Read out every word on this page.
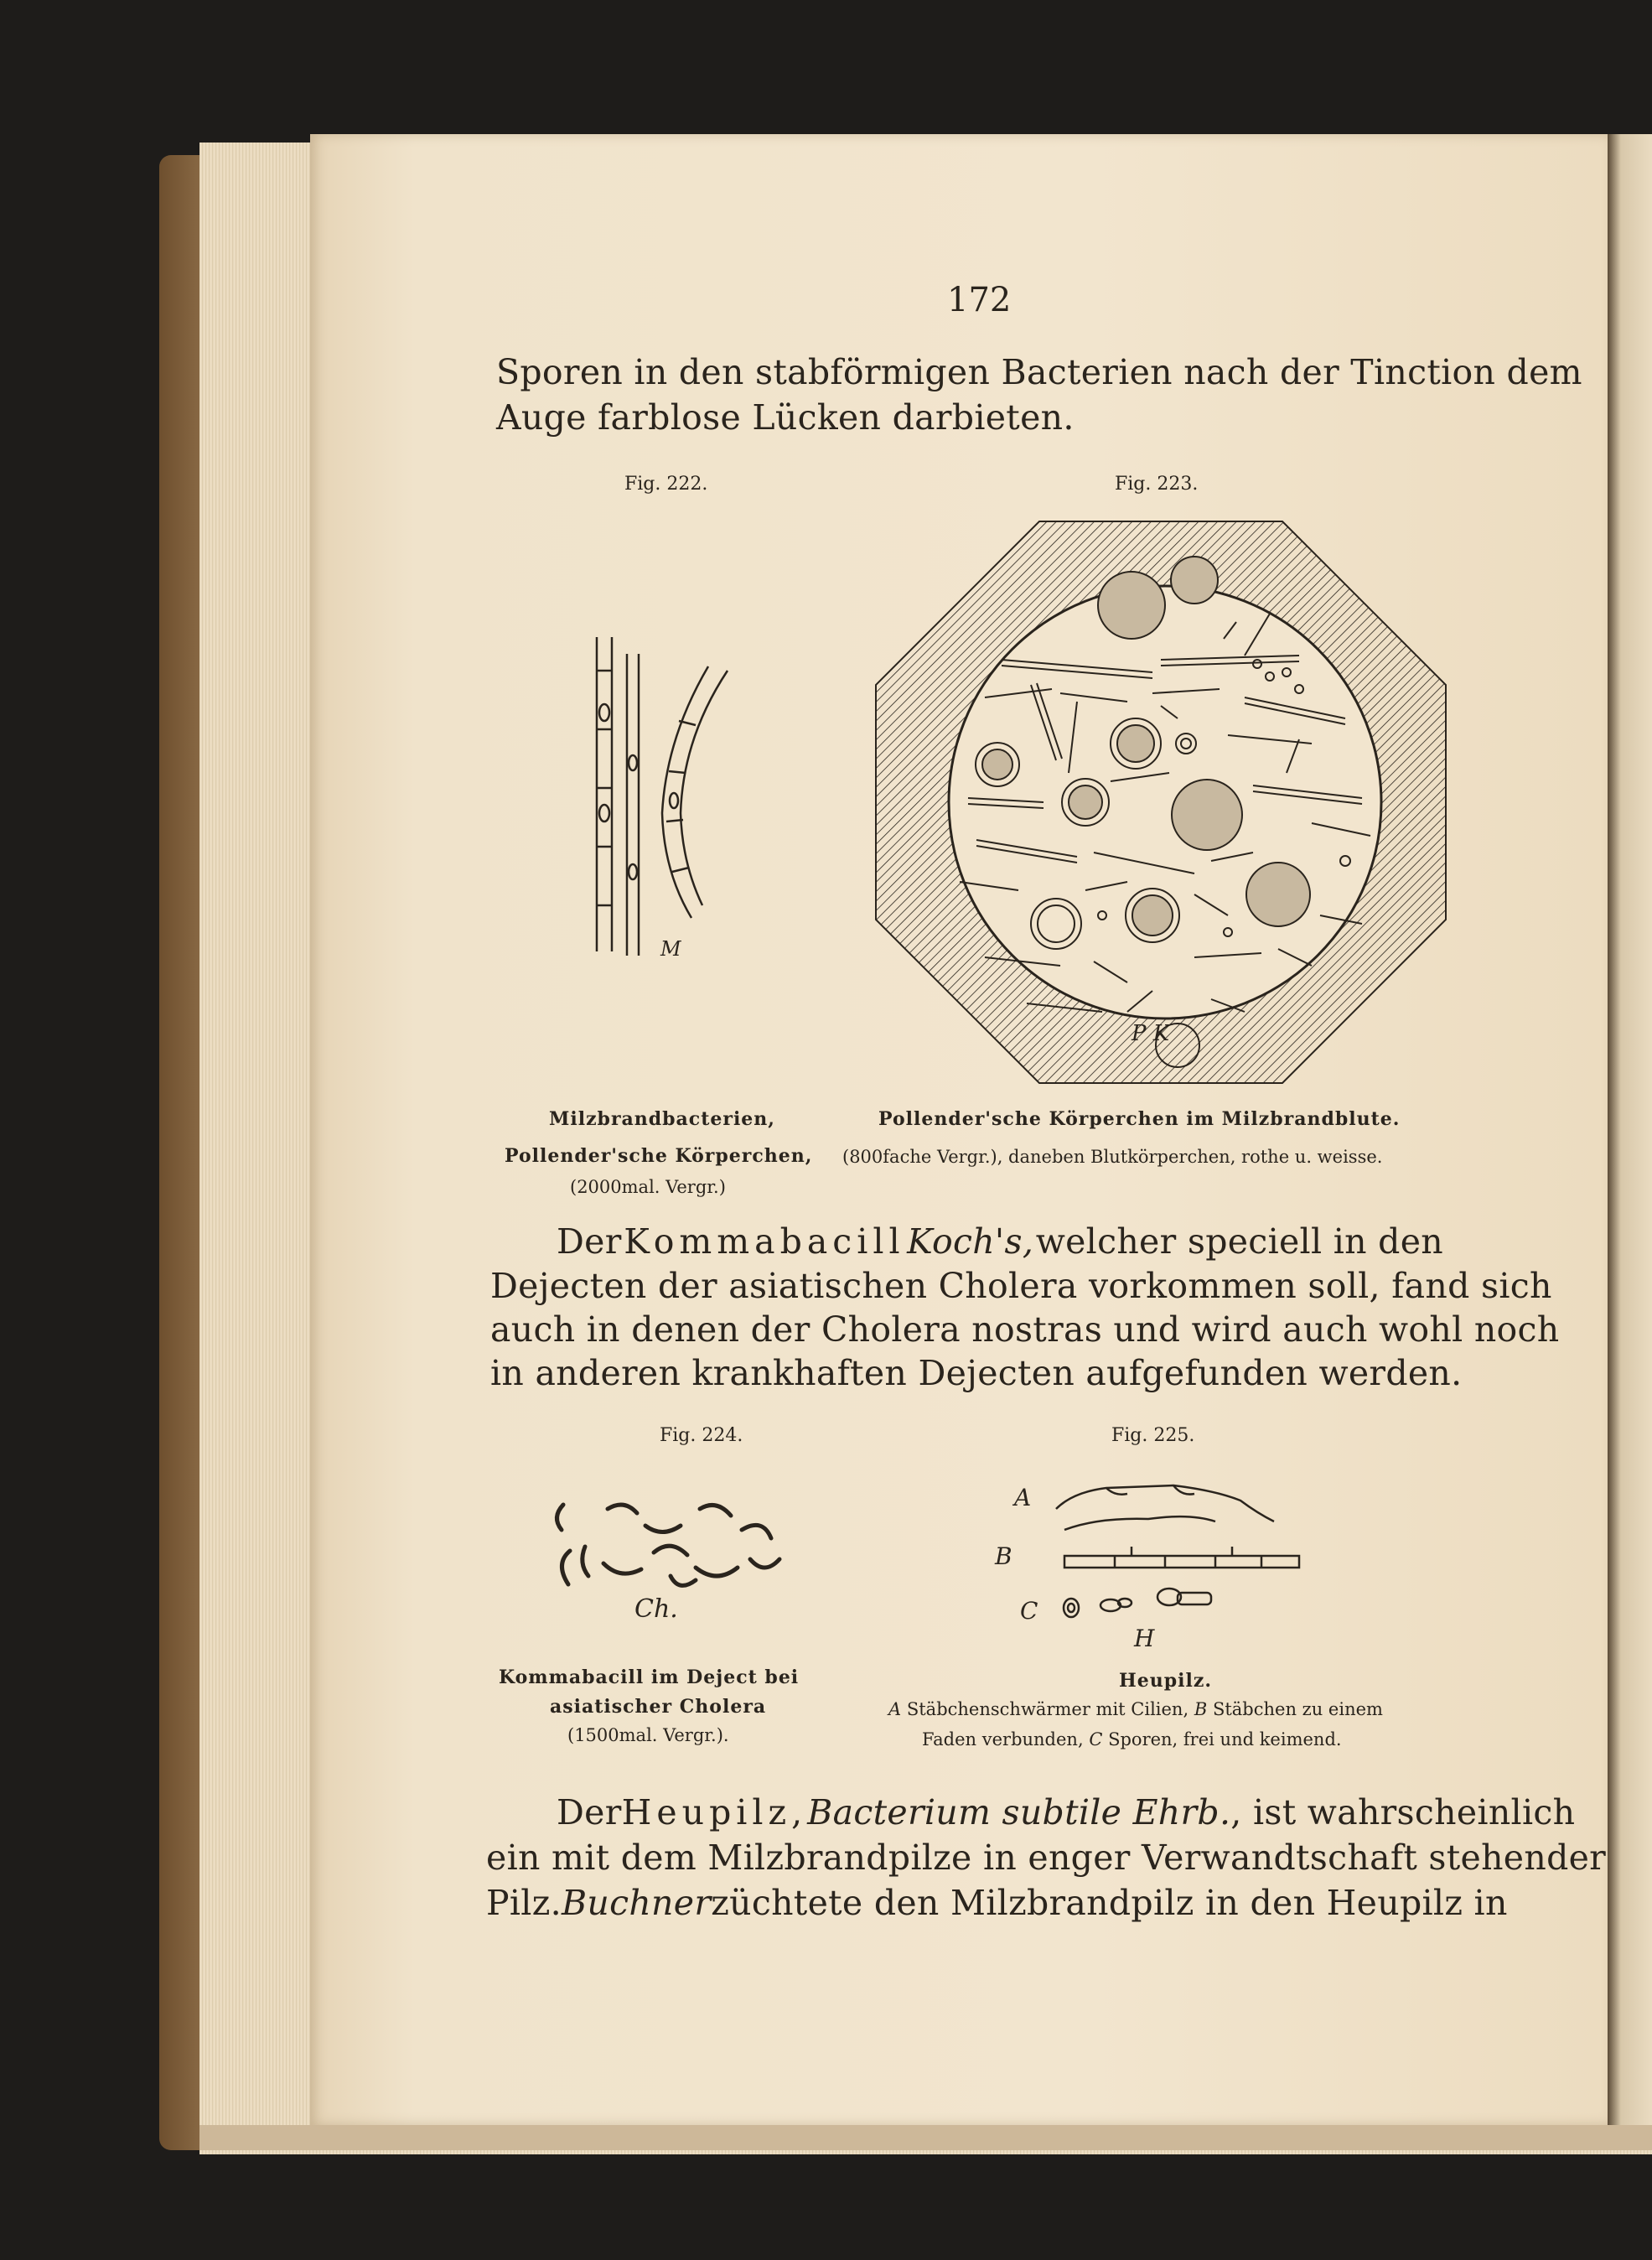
172
Sporen in den stabförmigen Bacterien nach der Tinction dem
Auge farblose Lücken darbieten.
Fig. 222.
M
Milzbrandbacterien,
Pollender'sche Körperchen,
(2000mal. Vergr.)
Fig. 223.
P K
Pollender'sche Körperchen im Milzbrandblute.
(800fache Vergr.), daneben Blutkörperchen, rothe u. weisse.
Der Kommabacill Koch's, welcher speciell in den
Dejecten der asiatischen Cholera vorkommen soll, fand sich
auch in denen der Cholera nostras und wird auch wohl noch
in anderen krankhaften Dejecten aufgefunden werden.
Fig. 224.
Ch.
Kommabacill im Deject bei
asiatischer Cholera
(1500mal. Vergr.).
Fig. 225.
A
B
C
H
Heupilz.
A Stäbchenschwärmer mit Cilien, B Stäbchen zu einem
Faden verbunden, C Sporen, frei und keimend.
Der Heupilz, Bacterium subtile Ehrb. , ist wahrscheinlich
ein mit dem Milzbrandpilze in enger Verwandtschaft stehender
Pilz. Buchner züchtete den Milzbrandpilz in den Heupilz in
